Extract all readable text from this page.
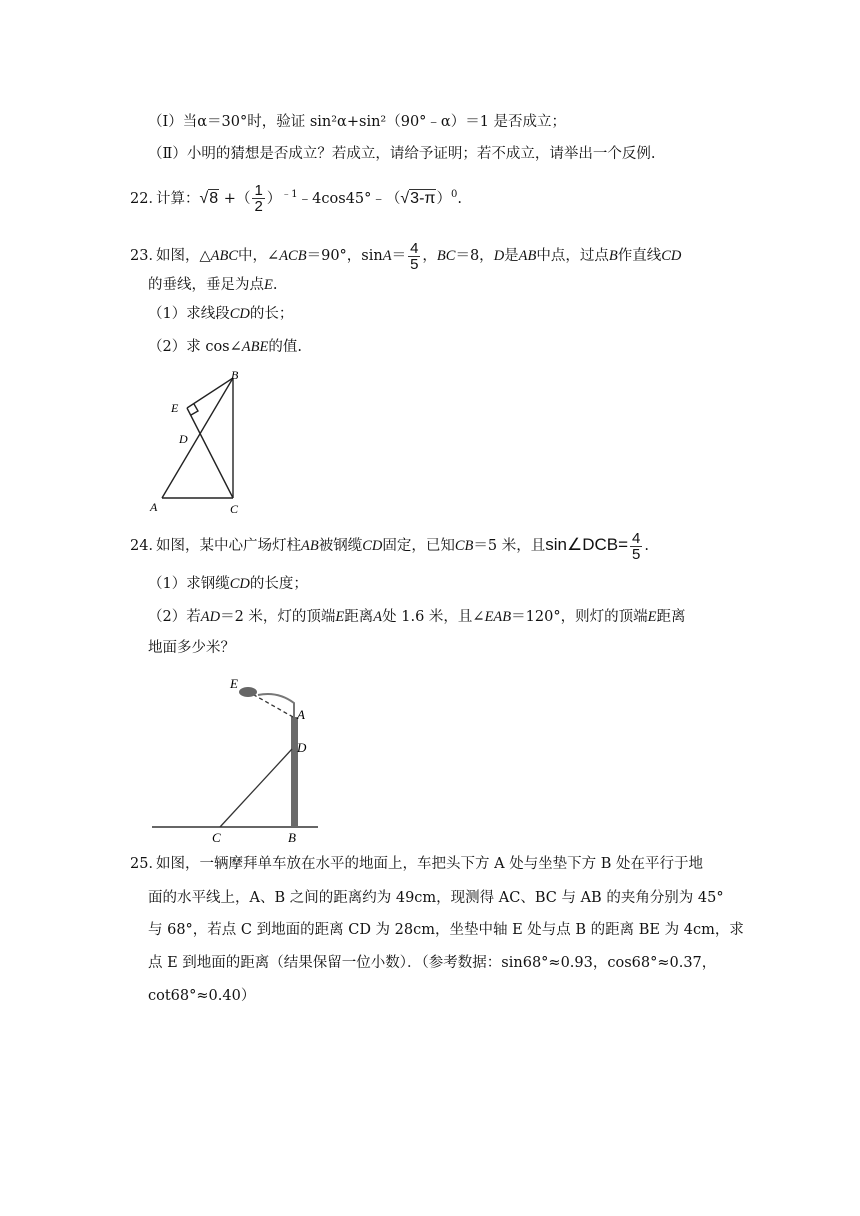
（Ⅰ）当α＝30°时，验证 sin²α+sin²（90°﹣α）＝1 是否成立；
（Ⅱ）小明的猜想是否成立？若成立，请给予证明；若不成立，请举出一个反例.
22．计算：√8 +（ $\frac{1}{2}$ ）$^{﹣1}﹣4\cos 45^\circ﹣(√3-\pi)^0$.
23．如图，△ABC中，∠ACB＝90°，$\sin A= \frac{4}{5}$ ，BC＝8，D是AB中点，过点B作直线CD
的垂线，垂足为点E.
（1）求线段CD的长；
（2）求 cos∠ABE的值.
B
E
D
A	C
24．如图，某中心广场灯柱AB被钢缆CD固定，已知CB＝5 米，且sin∠DCB= $\frac{4}{5}$ .
（1）求钢缆CD的长度；
（2）若AD＝2 米，灯的顶端E距离A处 1.6 米，且∠EAB＝120°，则灯的顶端E距离
地面多少米？
E
A
D
C	B
25．如图，一辆摩拜单车放在水平的地面上，车把头下方 A 处与坐垫下方 B 处在平行于地
面的水平线上，A、B 之间的距离约为 49cm，现测得 AC、BC 与 AB 的夹角分别为 45°
与 68°，若点 C 到地面的距离 CD 为 28cm，坐垫中轴 E 处与点 B 的距离 BE 为 4cm，求
点 E 到地面的距离（结果保留一位小数）．（参考数据：sin68°≈0.93，cos68°≈0.37，
cot68°≈0.40）
